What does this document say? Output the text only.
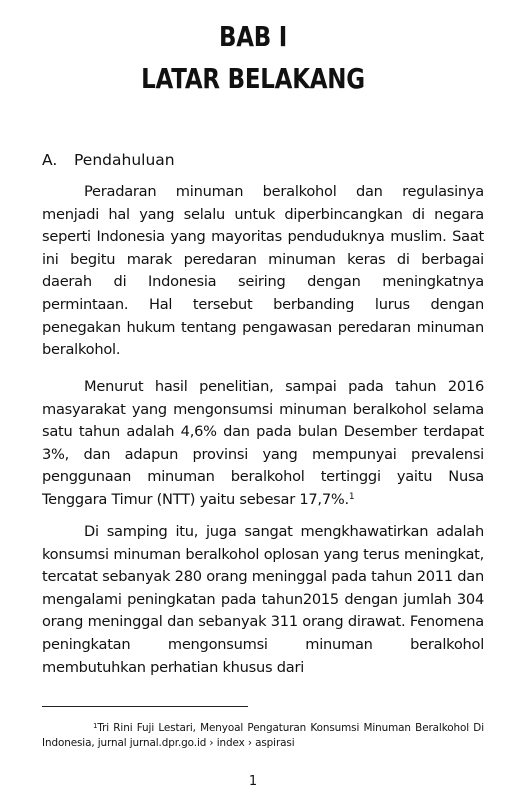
BAB I
LATAR BELAKANG
A. Pendahuluan

Peradaran minuman beralkohol dan regulasinya menjadi hal yang selalu untuk diperbincangkan di negara seperti Indonesia yang mayoritas penduduknya muslim. Saat ini begitu marak peredaran minuman keras di berbagai daerah di Indonesia seiring dengan meningkatnya permintaan. Hal tersebut berbanding lurus dengan penegakan hukum tentang pengawasan peredaran minuman beralkohol.

Menurut hasil penelitian, sampai pada tahun 2016 masyarakat yang mengonsumsi minuman beralkohol selama satu tahun adalah 4,6% dan pada bulan Desember terdapat 3%, dan adapun provinsi yang mempunyai prevalensi penggunaan minuman beralkohol tertinggi yaitu Nusa Tenggara Timur (NTT) yaitu sebesar 17,7%.$^1$

Di samping itu, juga sangat mengkhawatirkan adalah konsumsi minuman beralkohol oplosan yang terus meningkat, tercatat sebanyak 280 orang meninggal pada tahun 2011 dan mengalami peningkatan pada tahun2015 dengan jumlah 304 orang meninggal dan sebanyak 311 orang dirawat. Fenomena peningkatan mengonsumsi minuman beralkohol membutuhkan perhatian khusus dari

$^1$Tri Rini Fuji Lestari, Menyoal Pengaturan Konsumsi Minuman Beralkohol Di Indonesia, jurnal jurnal.dpr.go.id › index › aspirasi
1
